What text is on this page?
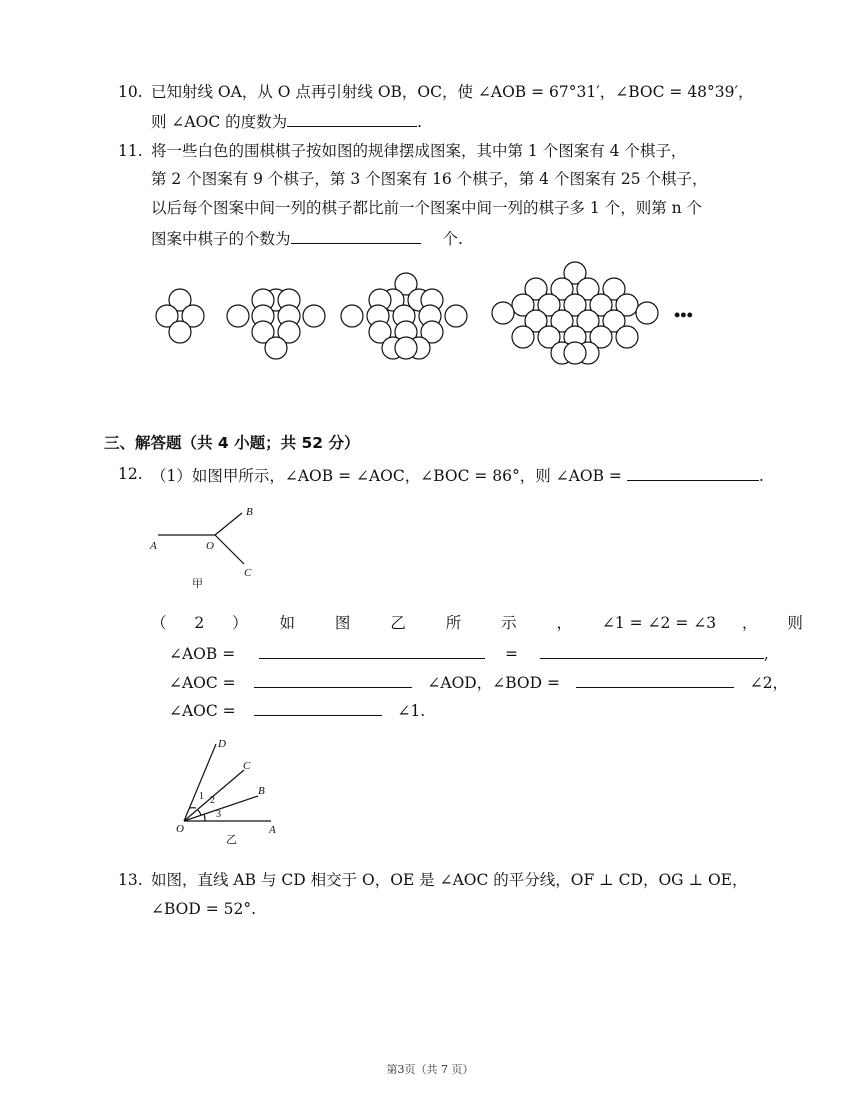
10. 已知射线 OA，从 O 点再引射线 OB，OC，使 ∠AOB = 67°31′，∠BOC = 48°39′，
则 ∠AOC 的度数为	.
11. 将一些白色的围棋棋子按如图的规律摆成图案，其中第 1 个图案有 4 个棋子，
第 2 个图案有 9 个棋子，第 3 个图案有 16 个棋子，第 4 个图案有 25 个棋子，
以后每个图案中间一列的棋子都比前一个图案中间一列的棋子多 1 个，则第 n 个
图案中棋子的个数为	个.
•••
三、解答题（共 4 小题；共 52 分）
12. （1）如图甲所示，∠AOB = ∠AOC，∠BOC = 86°，则 ∠AOB =	.
A	O
B
C
甲
（ 2 ） 如	图	乙	所	示	， ∠1 = ∠2 = ∠3 ， 则
∠AOB =	=	,
∠AOC =	∠AOD，∠BOD =	∠2，
∠AOC =	∠1.
D
C
B
A
O
1 2
3
乙
13. 如图，直线 AB 与 CD 相交于 O，OE 是 ∠AOC 的平分线，OF ⊥ CD，OG ⊥ OE，
∠BOD = 52°.
第3页（共 7 页）
